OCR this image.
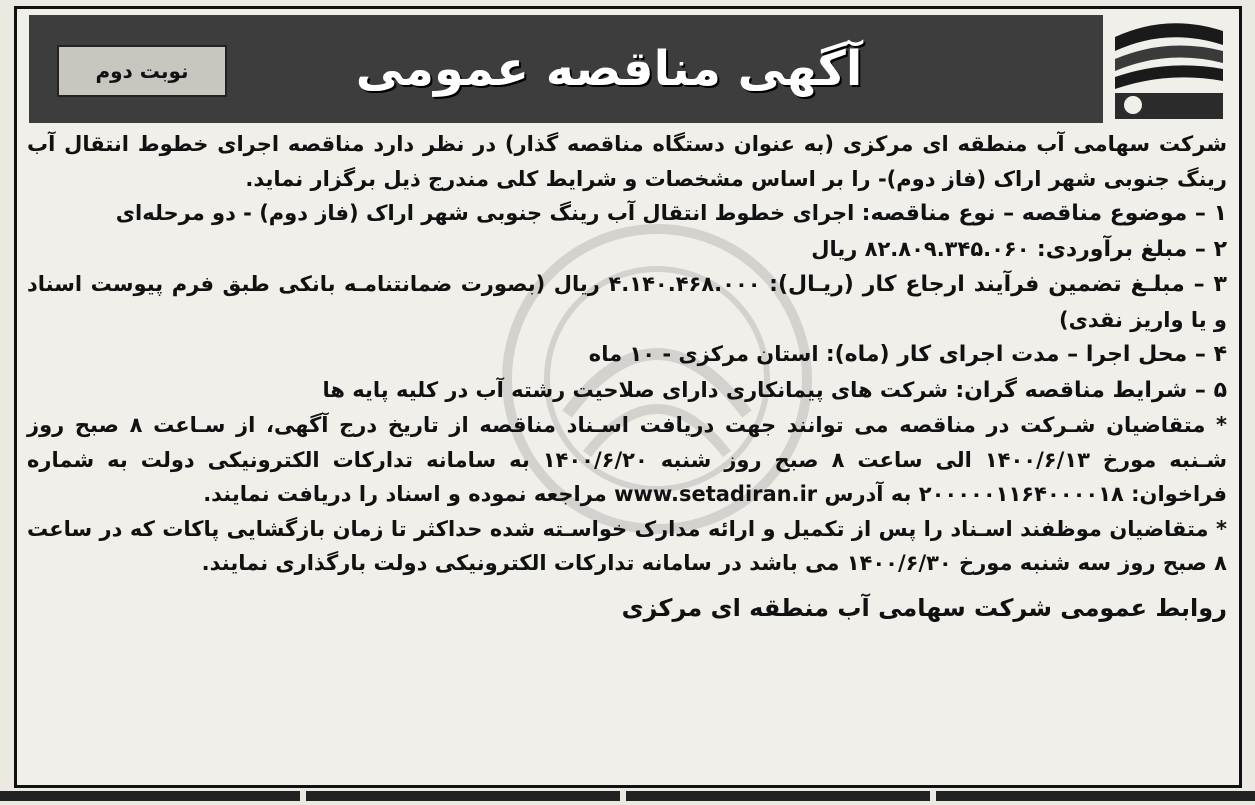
نوبت دوم	آگهی مناقصه عمومی

شرکت سهامی آب منطقه ای مرکزی (به عنوان دستگاه مناقصه گذار) در نظر دارد مناقصه اجرای خطوط انتقال آب رینگ جنوبی شهر اراک (فاز دوم)- را بر اساس مشخصات و شرایط کلی مندرج ذیل برگزار نماید.

۱ – موضوع مناقصه – نوع مناقصه: اجرای خطوط انتقال آب رینگ جنوبی شهر اراک (فاز دوم) - دو مرحله‌ای

۲ – مبلغ برآوردی: ۸۲.۸۰۹.۳۴۵.۰۶۰ ریال

۳ – مبلـغ تضمین فرآیند ارجاع کار (ریـال): ۴.۱۴۰.۴۶۸.۰۰۰ ریال (بصورت ضمانتنامـه بانکی طبق فرم پیوست اسناد و یا واریز نقدی)

۴ – محل اجرا – مدت اجرای کار (ماه): استان مرکزی - ۱۰ ماه

۵ – شرایط مناقصه گران: شرکت های پیمانکاری دارای صلاحیت رشته آب در کلیه پایه ها

* متقاضیان شـرکت در مناقصه می توانند جهت دریافت اسـناد مناقصه از تاریخ درج آگهی، از سـاعت ۸ صبح روز شـنبه مورخ ۱۴۰۰/۶/۱۳ الی ساعت ۸ صبح روز شنبه ۱۴۰۰/۶/۲۰ به سامانه تدارکات الکترونیکی دولت به شماره فراخوان: ۲۰۰۰۰۰۱۱۶۴۰۰۰۰۱۸ به آدرس www.setadiran.ir مراجعه نموده و اسناد را دریافت نمایند.

* متقاضیان موظفند اسـناد را پس از تکمیل و ارائه مدارک خواسـته شده حداکثر تا زمان بازگشایی پاکات که در ساعت ۸ صبح روز سه شنبه مورخ ۱۴۰۰/۶/۳۰ می باشد در سامانه تدارکات الکترونیکی دولت بارگذاری نمایند.

روابط عمومی شرکت سهامی آب منطقه ای مرکزی
